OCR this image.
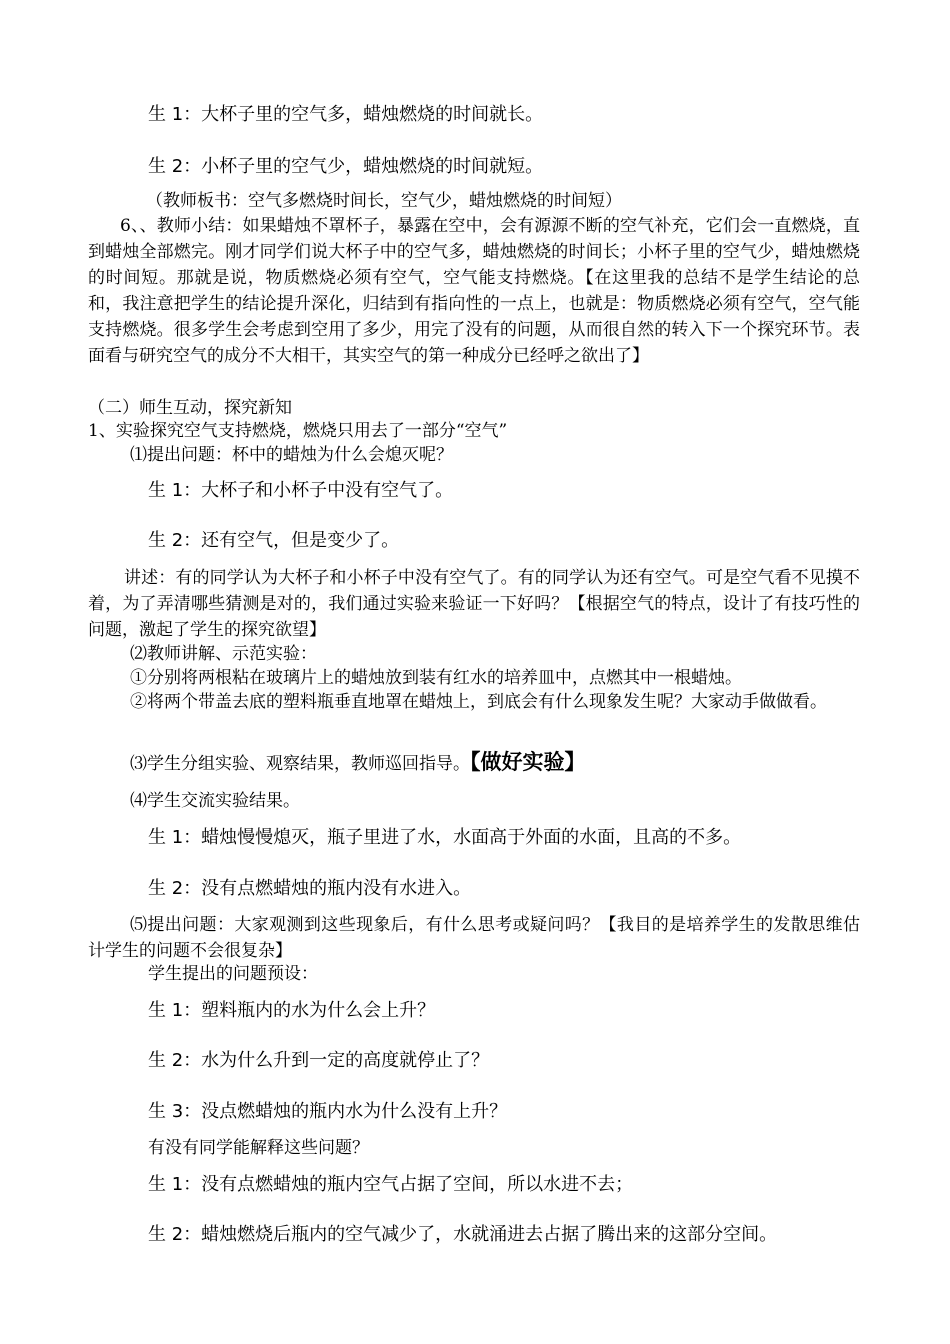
生 1：大杯子里的空气多，蜡烛燃烧的时间就长。
生 2：小杯子里的空气少，蜡烛燃烧的时间就短。
（教师板书：空气多燃烧时间长，空气少，蜡烛燃烧的时间短）
6、、教师小结：如果蜡烛不罩杯子，暴露在空中，会有源源不断的空气补充，它们会一直燃烧，直到蜡烛全部燃完。刚才同学们说大杯子中的空气多，蜡烛燃烧的时间长；小杯子里的空气少，蜡烛燃烧的时间短。那就是说，物质燃烧必须有空气，空气能支持燃烧。【在这里我的总结不是学生结论的总和，我注意把学生的结论提升深化，归结到有指向性的一点上，也就是：物质燃烧必须有空气，空气能支持燃烧。很多学生会考虑到空用了多少，用完了没有的问题，从而很自然的转入下一个探究环节。表面看与研究空气的成分不大相干，其实空气的第一种成分已经呼之欲出了】
（二）师生互动，探究新知
1、实验探究空气支持燃烧，燃烧只用去了一部分“空气”
⑴提出问题：杯中的蜡烛为什么会熄灭呢？
生 1：大杯子和小杯子中没有空气了。
生 2：还有空气，但是变少了。
讲述：有的同学认为大杯子和小杯子中没有空气了。有的同学认为还有空气。可是空气看不见摸不着，为了弄清哪些猜测是对的，我们通过实验来验证一下好吗？【根据空气的特点，设计了有技巧性的问题，激起了学生的探究欲望】
⑵教师讲解、示范实验：
①分别将两根粘在玻璃片上的蜡烛放到装有红水的培养皿中，点燃其中一根蜡烛。
②将两个带盖去底的塑料瓶垂直地罩在蜡烛上，到底会有什么现象发生呢？大家动手做做看。
⑶学生分组实验、观察结果，教师巡回指导。【做好实验】
⑷学生交流实验结果。
生 1：蜡烛慢慢熄灭，瓶子里进了水，水面高于外面的水面，且高的不多。
生 2：没有点燃蜡烛的瓶内没有水进入。
⑸提出问题：大家观测到这些现象后，有什么思考或疑问吗？【我目的是培养学生的发散思维估计学生的问题不会很复杂】
学生提出的问题预设：
生 1：塑料瓶内的水为什么会上升？
生 2：水为什么升到一定的高度就停止了？
生 3：没点燃蜡烛的瓶内水为什么没有上升？
有没有同学能解释这些问题？
生 1：没有点燃蜡烛的瓶内空气占据了空间，所以水进不去；
生 2：蜡烛燃烧后瓶内的空气减少了，水就涌进去占据了腾出来的这部分空间。
